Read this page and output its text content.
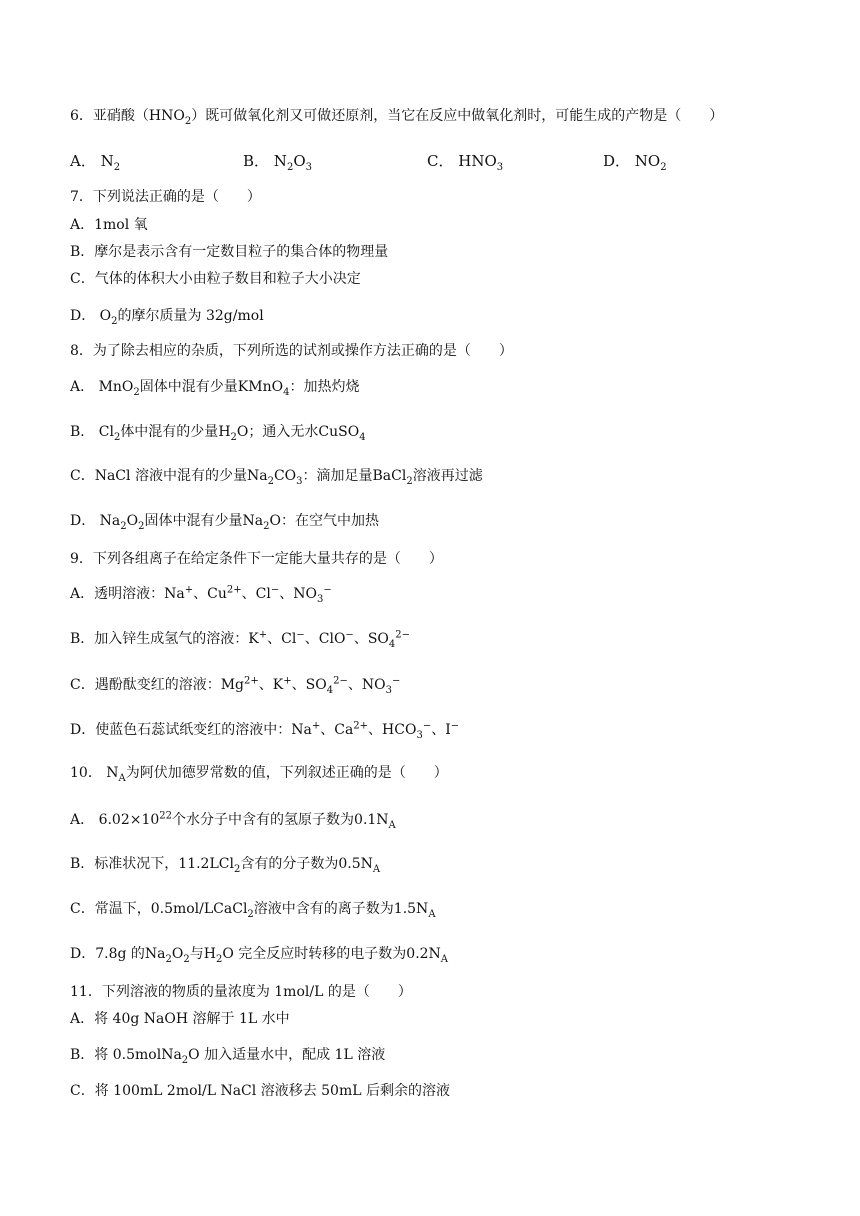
6．亚硝酸$(HNO_2)$既可做氧化剂又可做还原剂，当它在反应中做氧化剂时，可能生成的产物是（　　）
7．下列说法正确的是（　　）
A．1mol 氧
B．摩尔是表示含有一定数目粒子的集合体的物理量
C．气体的体积大小由粒子数目和粒子大小决定
D． $O_2$的摩尔质量为 32g/mol
8．为了除去相应的杂质，下列所选的试剂或操作方法正确的是（　　）
A． MnO$_2$固体中混有少量KMnO$_4$：加热灼烧
B． $Cl_2$体中混有的少量$H_2O$；通入无水CuSO$_4$
C．NaCl 溶液中混有的少量$Na_2CO_3$：滴加足量BaCl$_2$溶液再过滤
D． $Na_2O_2$固体中混有少量$Na_2O$：在空气中加热
9．下列各组离子在给定条件下一定能大量共存的是（　　）
A．透明溶液：Na+、$Cu^{2+}$、Cl−、$NO_3^-$
B．加入锌生成氢气的溶液：K+、Cl−、ClO−、$SO_4^{2-}$
C．遇酚酞变红的溶液：$Mg^{2+}$、K+、$SO_4^{2-}$、$NO_3^-$
D．使蓝色石蕊试纸变红的溶液中：Na+、$Ca^{2+}$、$HCO_3^-$、I−
10． $N_A$为阿伏加德罗常数的值，下列叙述正确的是（　　）
A． $6.02\times 10^{22}$个水分子中含有的氢原子数为$0.1N_A$
B．标准状况下，11.2LCl$_2$含有的分子数为$0.5N_A$
C．常温下，0.5mol/LCaCl$_2$溶液中含有的离子数为$1.5N_A$
D．7.8g 的$Na_2O_2$与$H_2O$ 完全反应时转移的电子数为$0.2N_A$
11．下列溶液的物质的量浓度为 1mol/L 的是（　　）
A．将 40g NaOH 溶解于 1L 水中
B．将 0.5molNa$_2$O 加入适量水中，配成 1L 溶液
C．将 100mL 2mol/L NaCl 溶液移去 50mL 后剩余的溶液
A． $N_2$	B． $N_2O_3$	C． $HNO_3$	D． $NO_2$
